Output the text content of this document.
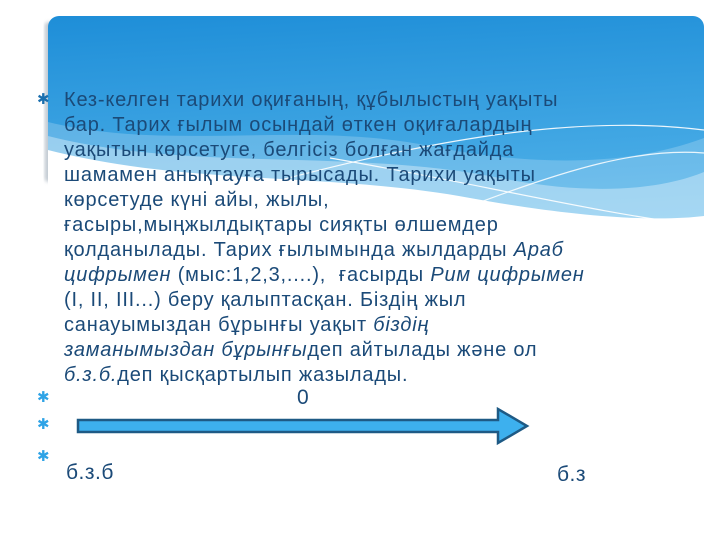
✱ Кез-келген тарихи оқиғаның, құбылыстың уақыты
бар. Тарих ғылым осындай өткен оқиғалардың
уақытын көрсетуге, белгісіз болған жағдайда
шамамен анықтауға тырысады. Тарихи уақыты
көрсетуде күні айы, жылы,
ғасыры,мыңжылдықтары сияқты өлшемдер
қолданылады. Тарих ғылымында жылдарды Араб
цифрымен (мыс:1,2,3,....),  ғасырды Рим цифрымен
(I, II, III...) беру қалыптасқан. Біздің жыл
санауымыздан бұрынғы уақыт біздің
заманымыздан бұрынғыдеп айтылады және ол
б.з.б.деп қысқартылып жазылады.
✱
✱
✱
0
б.з.б	б.з
